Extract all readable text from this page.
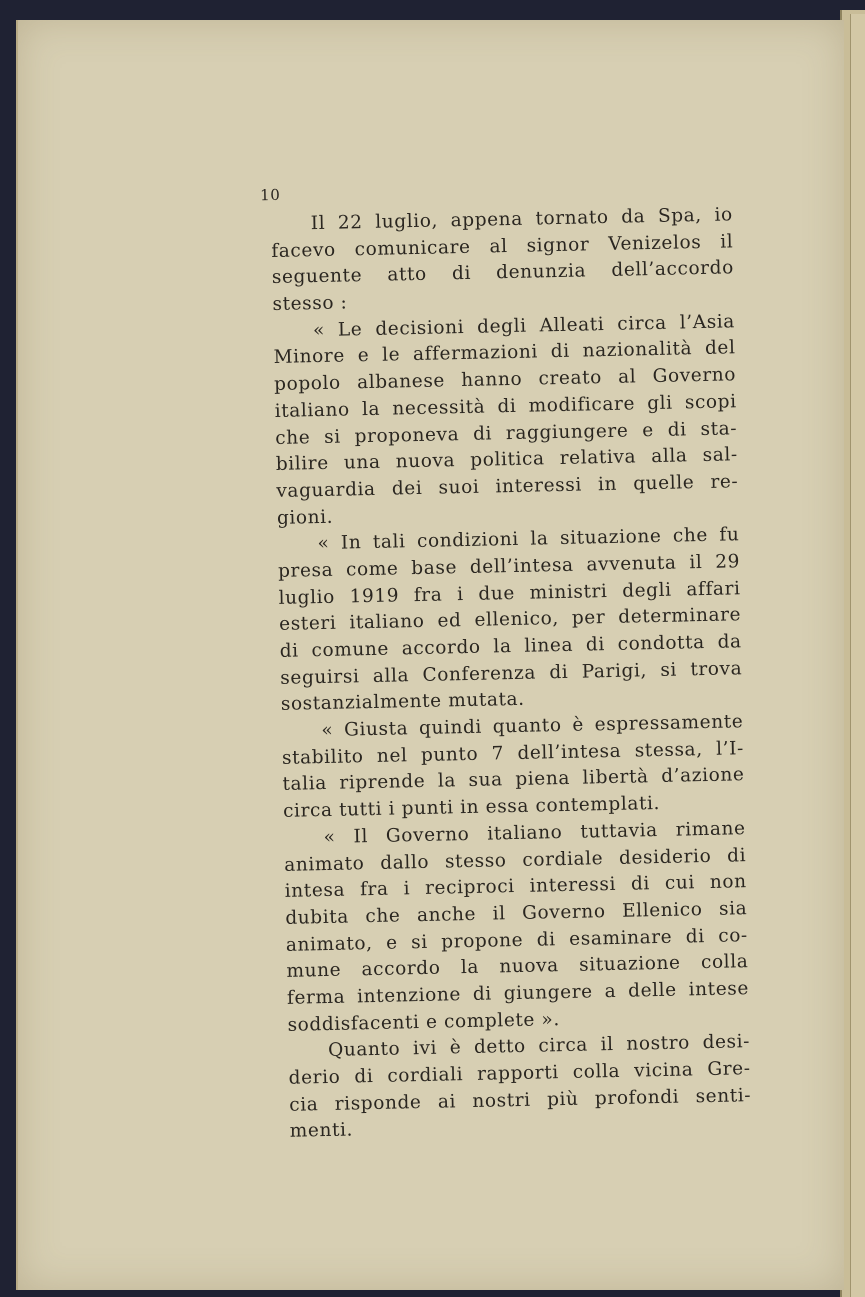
10
Il 22 luglio, appena tornato da Spa, io
facevo comunicare al signor Venizelos il
seguente atto di denunzia dell’accordo
stesso :
« Le decisioni degli Alleati circa l’Asia
Minore e le affermazioni di nazionalità del
popolo albanese hanno creato al Governo
italiano la necessità di modificare gli scopi
che si proponeva di raggiungere e di sta-
bilire una nuova politica relativa alla sal-
vaguardia dei suoi interessi in quelle re-
gioni.
« In tali condizioni la situazione che fu
presa come base dell’intesa avvenuta il 29
luglio 1919 fra i due ministri degli affari
esteri italiano ed ellenico, per determinare
di comune accordo la linea di condotta da
seguirsi alla Conferenza di Parigi, si trova
sostanzialmente mutata.
« Giusta quindi quanto è espressamente
stabilito nel punto 7 dell’intesa stessa, l’I-
talia riprende la sua piena libertà d’azione
circa tutti i punti in essa contemplati.
« Il Governo italiano tuttavia rimane
animato dallo stesso cordiale desiderio di
intesa fra i reciproci interessi di cui non
dubita che anche il Governo Ellenico sia
animato, e si propone di esaminare di co-
mune accordo la nuova situazione colla
ferma intenzione di giungere a delle intese
soddisfacenti e complete ».
Quanto ivi è detto circa il nostro desi-
derio di cordiali rapporti colla vicina Gre-
cia risponde ai nostri più profondi senti-
menti.
